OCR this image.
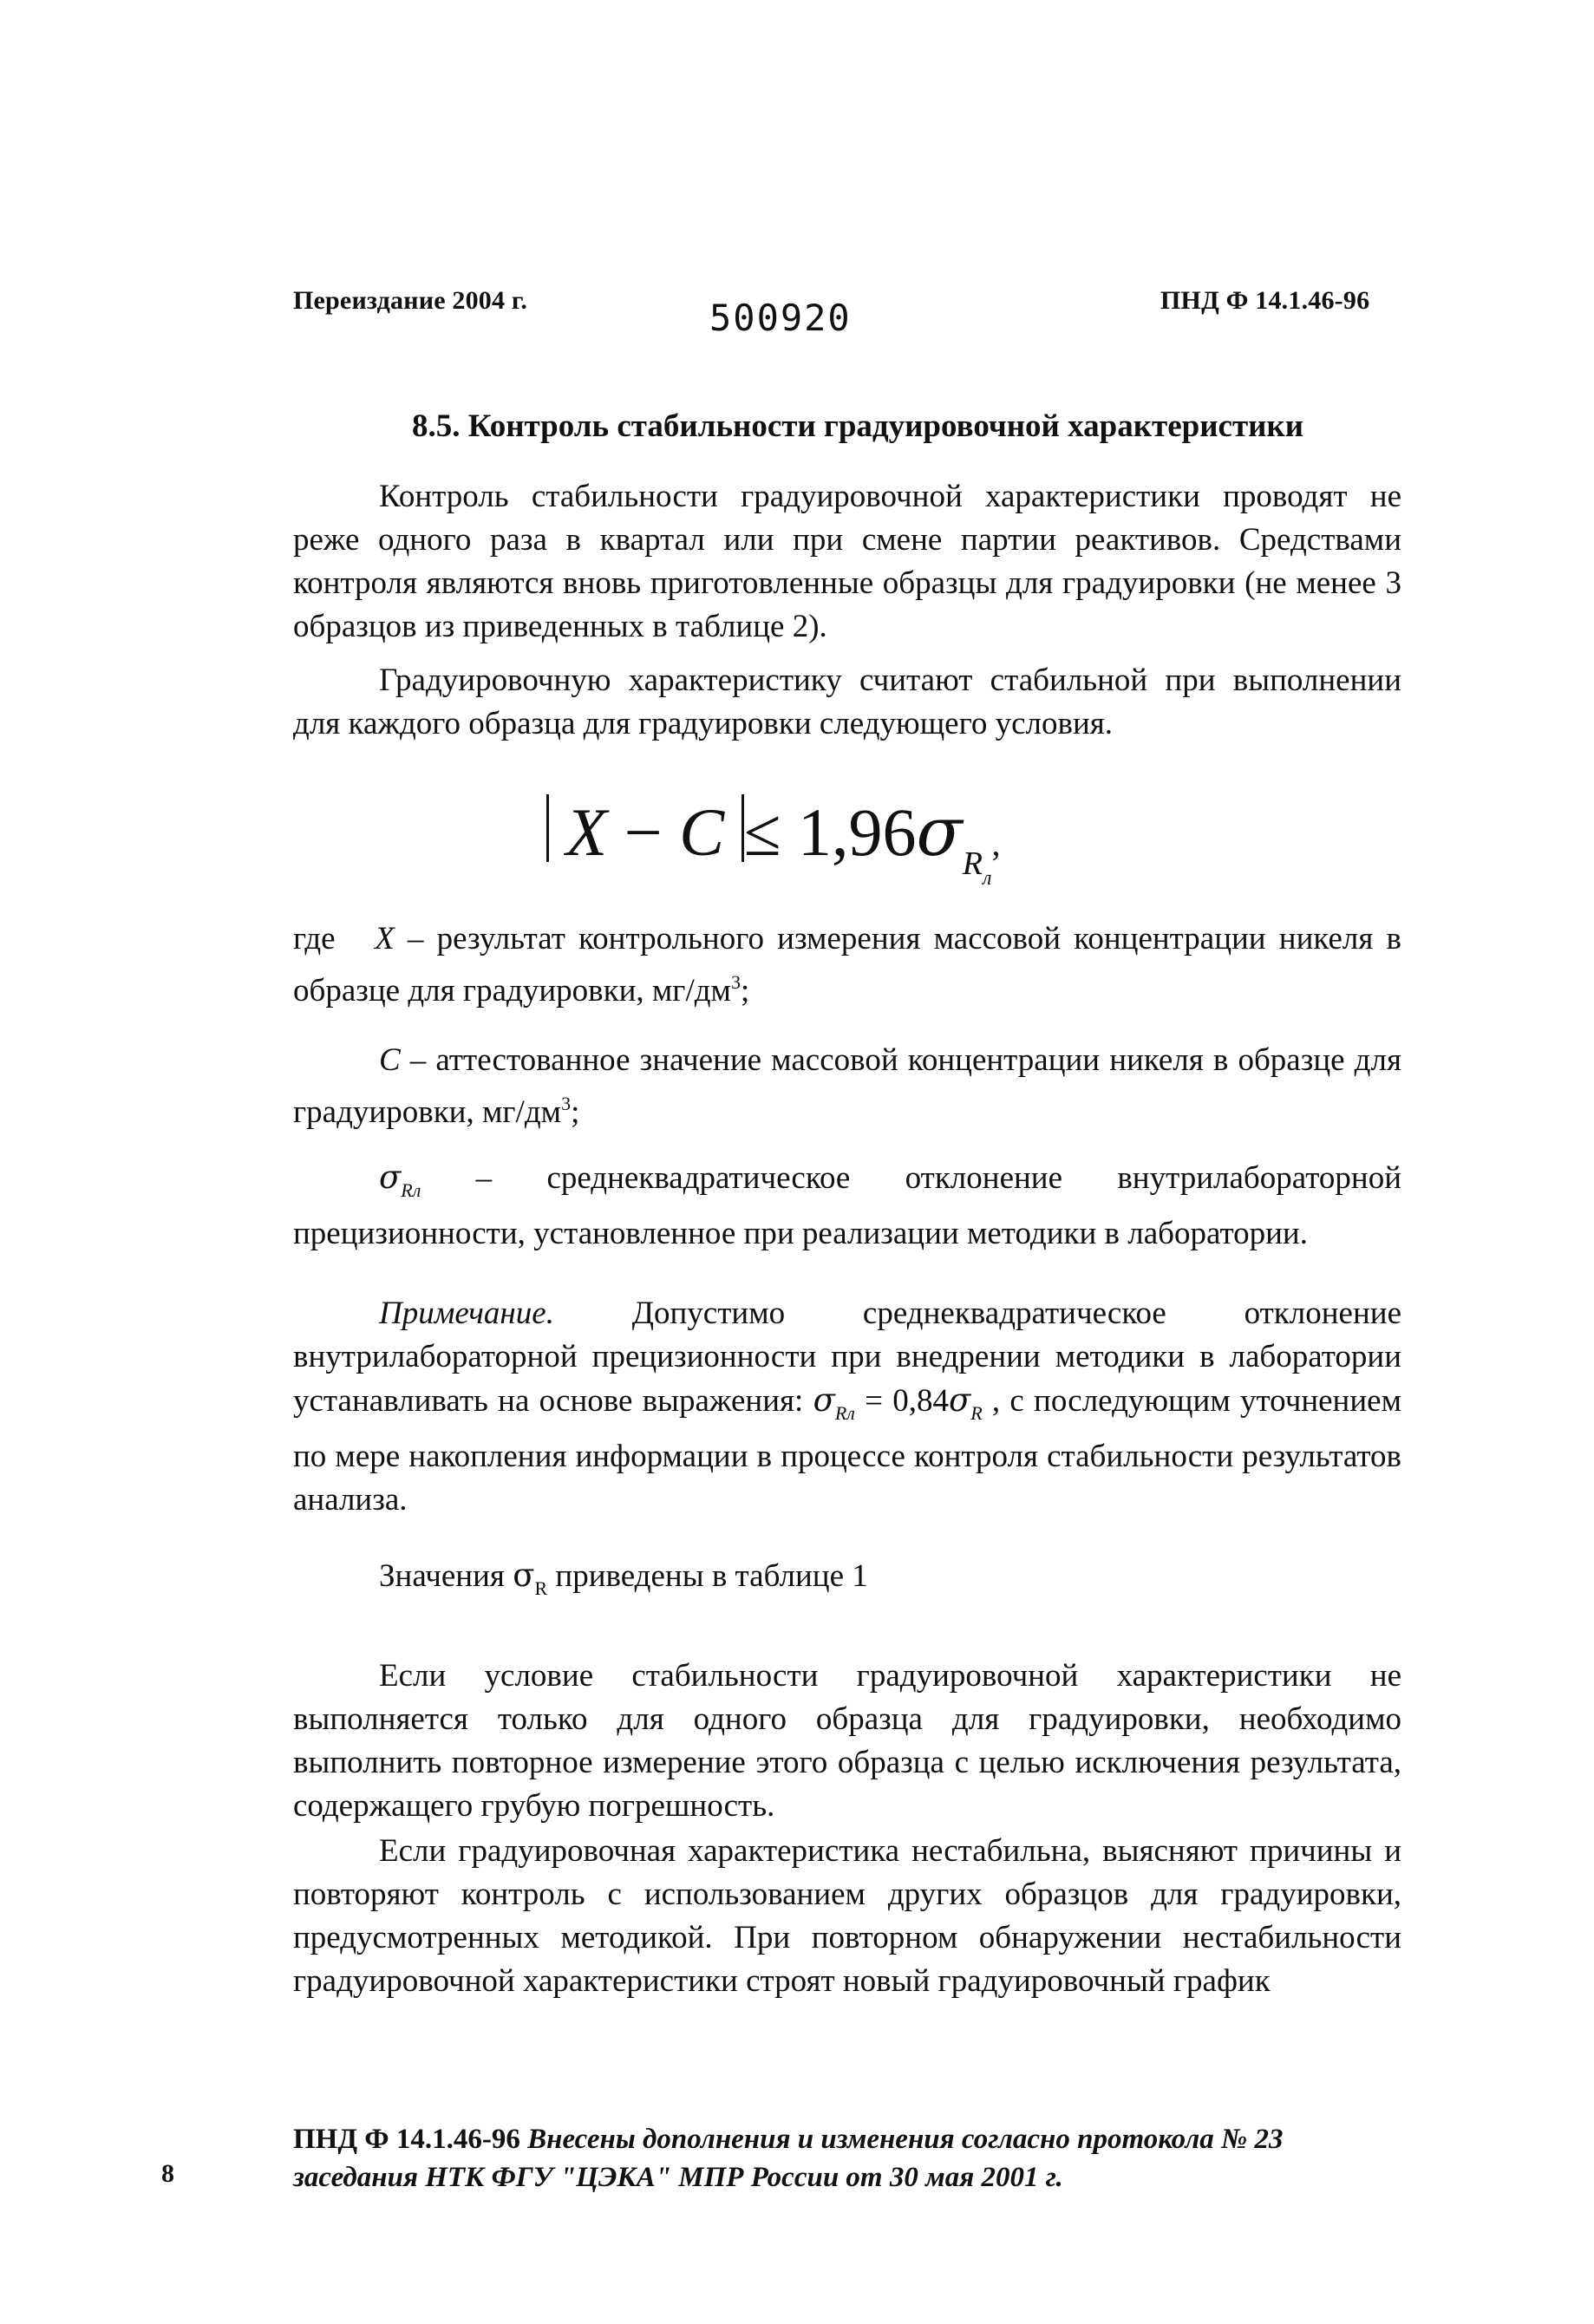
Переиздание 2004 г.	500920	ПНД Ф 14.1.46-96
8.5. Контроль стабильности градуировочной характеристики
Контроль стабильности градуировочной характеристики проводят не реже одного раза в квартал или при смене партии реактивов. Средствами контроля являются вновь приготовленные образцы для градуировки (не менее 3 образцов из приведенных в таблице 2).
Градуировочную характеристику считают стабильной при выполнении для каждого образца для градуировки следующего условия.
$X - C \le 1,96\sigma_{Rл}$,
где X – результат контрольного измерения массовой концентрации никеля в образце для градуировки, $мг/дм^3$;
C – аттестованное значение массовой концентрации никеля в образце для градуировки, $мг/дм^3$;
$\sigma_{Rл}$ – среднеквадратическое отклонение внутрилабораторной прецизионности, установленное при реализации методики в лаборатории.
Примечание. Допустимо среднеквадратическое отклонение внутрилабораторной прецизионности при внедрении методики в лаборатории устанавливать на основе выражения: $\sigma_{Rл} = 0,84\sigma_R$ , с последующим уточнением по мере накопления информации в процессе контроля стабильности результатов анализа.
Значения $\sigma_R$ приведены в таблице 1
Если условие стабильности градуировочной характеристики не выполняется только для одного образца для градуировки, необходимо выполнить повторное измерение этого образца с целью исключения результата, содержащего грубую погрешность.
Если градуировочная характеристика нестабильна, выясняют причины и повторяют контроль с использованием других образцов для градуировки, предусмотренных методикой. При повторном обнаружении нестабильности градуировочной характеристики строят новый градуировочный график
ПНД Ф 14.1.46-96 Внесены дополнения и изменения согласно протокола № 23 заседания НТК ФГУ "ЦЭКА" МПР России от 30 мая 2001 г.
8
